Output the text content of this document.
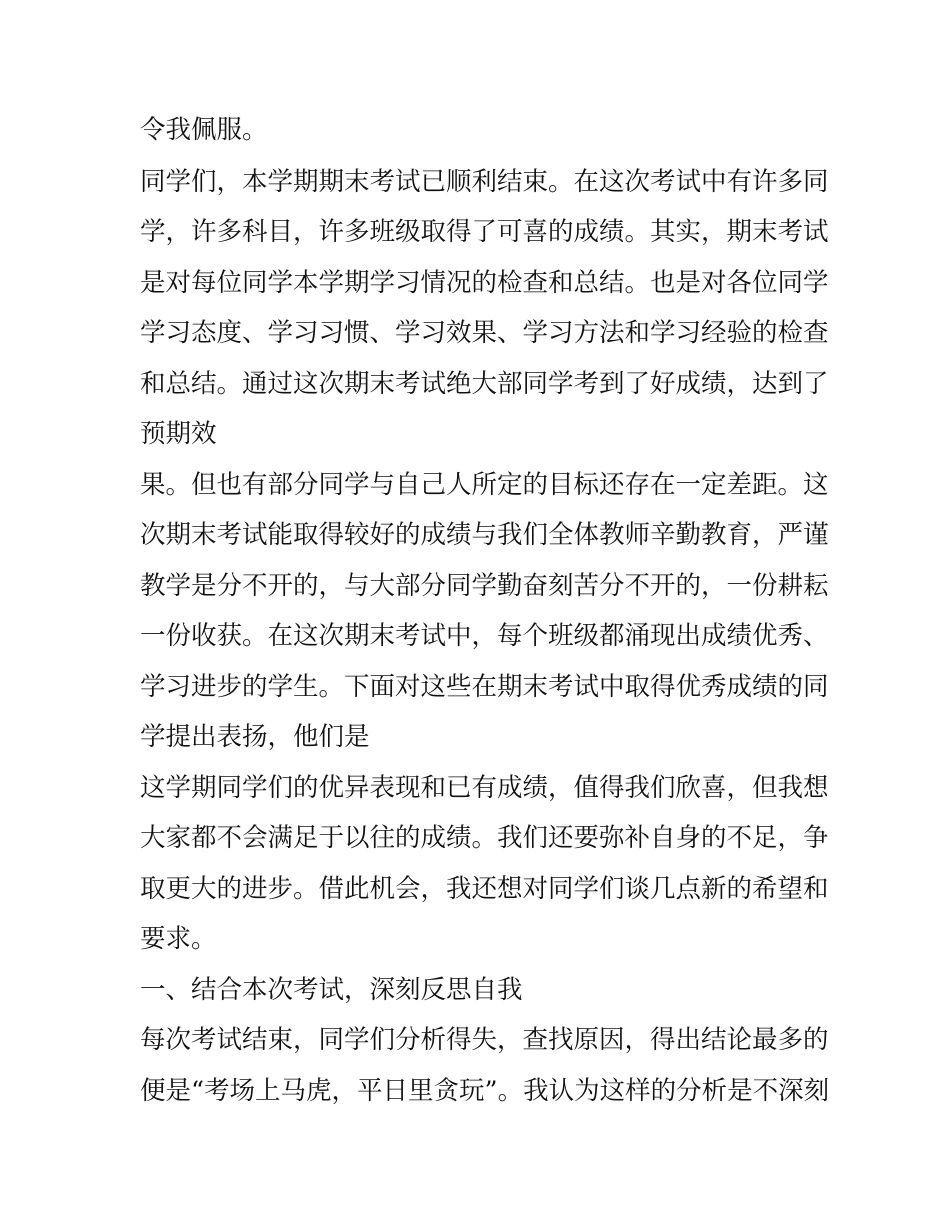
令我佩服。

同学们，本学期期末考试已顺利结束。在这次考试中有许多同

学，许多科目，许多班级取得了可喜的成绩。其实，期末考试

是对每位同学本学期学习情况的检查和总结。也是对各位同学

学习态度、学习习惯、学习效果、学习方法和学习经验的检查

和总结。通过这次期末考试绝大部同学考到了好成绩，达到了

预期效

果。但也有部分同学与自己人所定的目标还存在一定差距。这

次期末考试能取得较好的成绩与我们全体教师辛勤教育，严谨

教学是分不开的，与大部分同学勤奋刻苦分不开的，一份耕耘

一份收获。在这次期末考试中，每个班级都涌现出成绩优秀、

学习进步的学生。下面对这些在期末考试中取得优秀成绩的同

学提出表扬，他们是

这学期同学们的优异表现和已有成绩，值得我们欣喜，但我想

大家都不会满足于以往的成绩。我们还要弥补自身的不足，争

取更大的进步。借此机会，我还想对同学们谈几点新的希望和

要求。

一、结合本次考试，深刻反思自我

每次考试结束，同学们分析得失，查找原因，得出结论最多的

便是“考场上马虎，平日里贪玩”。我认为这样的分析是不深刻
